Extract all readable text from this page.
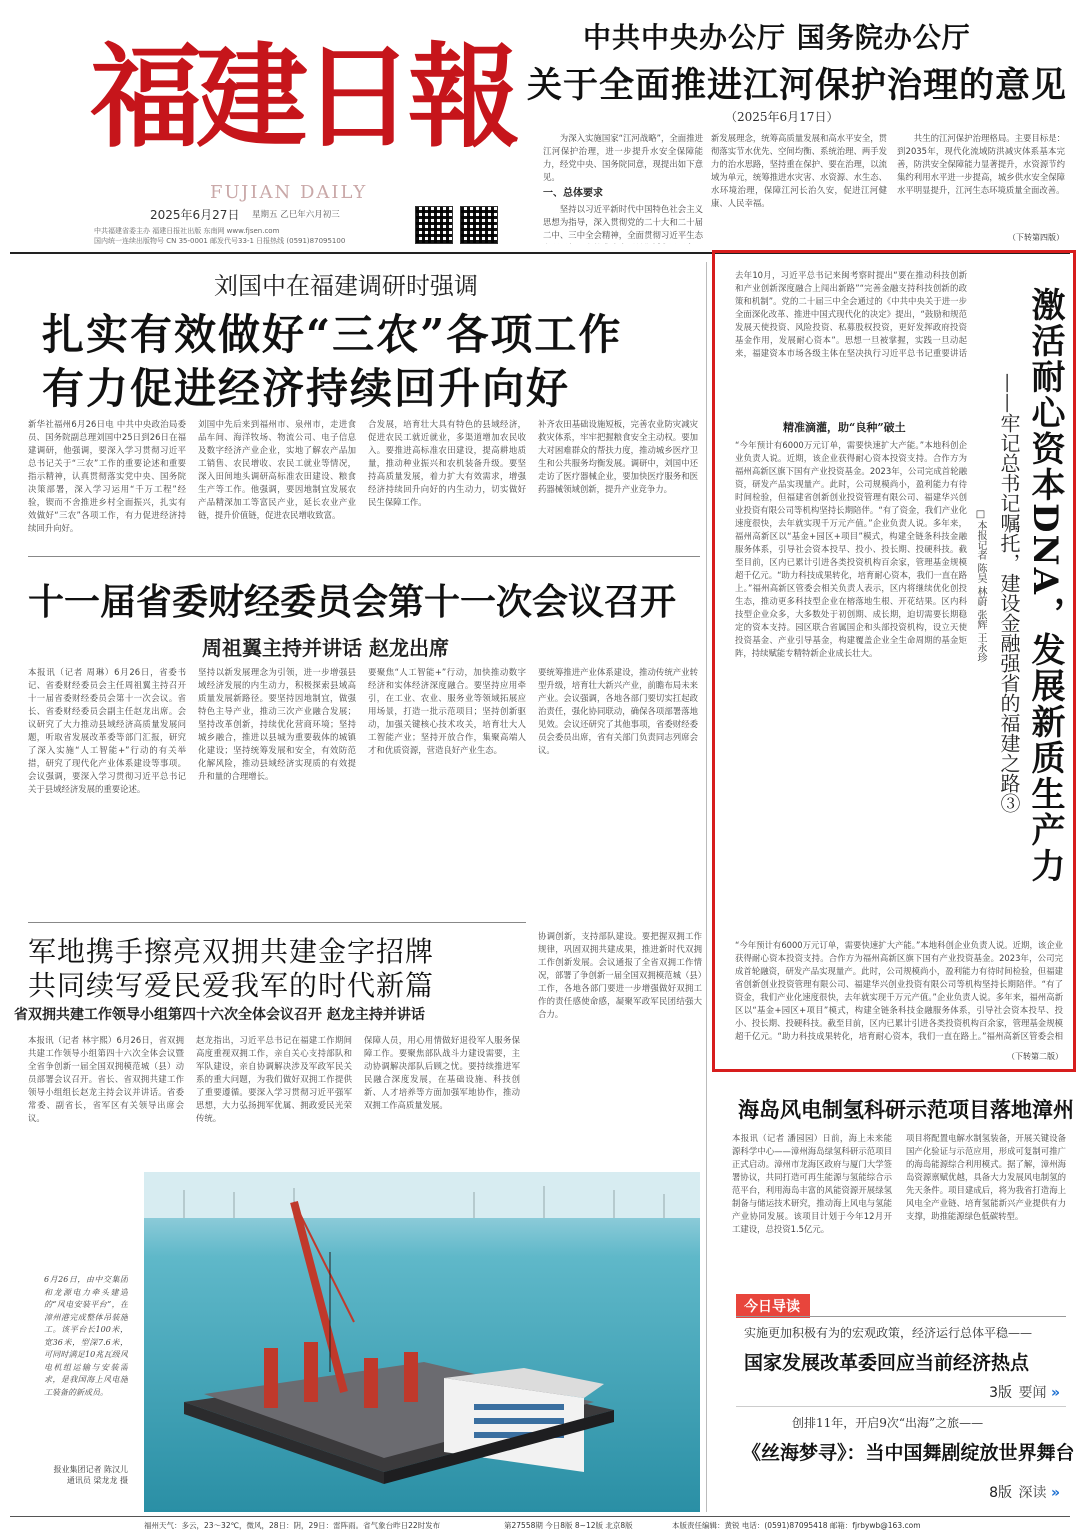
福建日報
FUJIAN DAILY
2025年6月27日 星期五 乙巳年六月初三
中共福建省委主办 福建日报社出版 东南网 www.fjsen.com
国内统一连续出版物号 CN 35-0001 邮发代号33-1 日报热线 (0591)87095100
中共中央办公厅 国务院办公厅
关于全面推进江河保护治理的意见
（2025年6月17日）

为深入实施国家“江河战略”，全面推进江河保护治理，进一步提升水安全保障能力，经党中央、国务院同意，现提出如下意见。

一、总体要求

坚持以习近平新时代中国特色社会主义思想为指导，深入贯彻党的二十大和二十届二中、三中全会精神，全面贯彻习近平生态

新发展理念，统筹高质量发展和高水平安全，贯彻落实节水优先、空间均衡、系统治理、两手发力的治水思路，坚持重在保护、要在治理，以流域为单元，统筹推进水灾害、水资源、水生态、水环境治理，保障江河长治久安，促进江河健康、人民幸福。

共生的江河保护治理格局。主要目标是：到2035年，现代化流域防洪减灾体系基本完善，防洪安全保障能力显著提升，水资源节约集约利用水平进一步提高，城乡供水安全保障水平明显提升，江河生态环境质量全面改善。

（下转第四版）
刘国中在福建调研时强调
扎实有效做好“三农”各项工作
有力促进经济持续回升向好
新华社福州6月26日电 中共中央政治局委员、国务院副总理刘国中25日到26日在福建调研，他强调，要深入学习贯彻习近平总书记关于“三农”工作的重要论述和重要指示精神，认真贯彻落实党中央、国务院决策部署，深入学习运用“千万工程”经验，锲而不舍推进乡村全面振兴，扎实有效做好“三农”各项工作，有力促进经济持续回升向好。
刘国中先后来到福州市、泉州市，走进食品车间、海洋牧场、物流公司、电子信息及数字经济产业企业，实地了解农产品加工销售、农民增收、农民工就业等情况，深入田间地头调研高标准农田建设、粮食生产等工作。他强调，要因地制宜发展农产品精深加工等富民产业，延长农业产业链，提升价值链，促进农民增收致富。
合发展，培育壮大具有特色的县域经济，促进农民工就近就业，多渠道增加农民收入。要推进高标准农田建设，提高耕地质量，推动种业振兴和农机装备升级。要坚持高质量发展，着力扩大有效需求，增强经济持续回升向好的内生动力，切实做好民生保障工作。
补齐农田基础设施短板，完善农业防灾减灾救灾体系，牢牢把握粮食安全主动权。要加大对困难群众的帮扶力度，推动城乡医疗卫生和公共服务均衡发展。调研中，刘国中还走访了医疗器械企业，要加快医疗服务和医药器械领域创新，提升产业竞争力。
十一届省委财经委员会第十一次会议召开
周祖翼主持并讲话 赵龙出席
本报讯（记者 周琳）6月26日，省委书记、省委财经委员会主任周祖翼主持召开十一届省委财经委员会第十一次会议。省长、省委财经委员会副主任赵龙出席。会议研究了大力推动县域经济高质量发展问题，听取省发展改革委等部门汇报，研究了深入实施“人工智能+”行动的有关举措，研究了现代化产业体系建设等事项。会议强调，要深入学习贯彻习近平总书记关于县域经济发展的重要论述。
坚持以新发展理念为引领，进一步增强县域经济发展的内生动力，积极探索县域高质量发展新路径。要坚持因地制宜，做强特色主导产业，推动三次产业融合发展；坚持改革创新，持续优化营商环境；坚持城乡融合，推进以县城为重要载体的城镇化建设；坚持统筹发展和安全，有效防范化解风险，推动县域经济实现质的有效提升和量的合理增长。
要聚焦“人工智能+”行动，加快推动数字经济和实体经济深度融合。要坚持应用牵引，在工业、农业、服务业等领域拓展应用场景，打造一批示范项目；坚持创新驱动，加强关键核心技术攻关，培育壮大人工智能产业；坚持开放合作，集聚高端人才和优质资源，营造良好产业生态。
要统筹推进产业体系建设，推动传统产业转型升级，培育壮大新兴产业，前瞻布局未来产业。会议强调，各地各部门要切实扛起政治责任，强化协同联动，确保各项部署落地见效。会议还研究了其他事项，省委财经委员会委员出席，省有关部门负责同志列席会议。
军地携手擦亮双拥共建金字招牌
共同续写爱民爱我军的时代新篇
省双拥共建工作领导小组第四十六次全体会议召开 赵龙主持并讲话
本报讯（记者 林宇熙）6月26日，省双拥共建工作领导小组第四十六次全体会议暨全省争创新一届全国双拥模范城（县）动员部署会议召开。省长、省双拥共建工作领导小组组长赵龙主持会议并讲话。省委常委、副省长，省军区有关领导出席会议。
赵龙指出，习近平总书记在福建工作期间高度重视双拥工作，亲自关心支持部队和军队建设，亲自协调解决涉及军政军民关系的重大问题，为我们做好双拥工作提供了重要遵循。要深入学习贯彻习近平强军思想，大力弘扬拥军优属、拥政爱民光荣传统。
保障人员，用心用情做好退役军人服务保障工作。要聚焦部队战斗力建设需要，主动协调解决部队后顾之忧。要持续推进军民融合深度发展，在基础设施、科技创新、人才培养等方面加强军地协作，推动双拥工作高质量发展。
协调创新，支持部队建设。要把握双拥工作规律，巩固双拥共建成果，推进新时代双拥工作创新发展。会议通报了全省双拥工作情况，部署了争创新一届全国双拥模范城（县）工作，各地各部门要进一步增强做好双拥工作的责任感使命感，凝聚军政军民团结强大合力。
6月26日，由中交集团和龙源电力牵头建造的“风电安装平台”，在漳州港完成整体吊装施工。该平台长100米，宽36米，型深7.6米，可同时满足10兆瓦级风电机组运输与安装需求，是我国海上风电施工装备的新成员。
报业集团记者 陈汉儿
通讯员 梁龙龙 摄
去年10月，习近平总书记来闽考察时提出“要在推动科技创新和产业创新深度融合上闯出新路”“完善金融支持科技创新的政策和机制”。党的二十届三中全会通过的《中共中央关于进一步全面深化改革、推进中国式现代化的决定》提出，“鼓励和规范发展天使投资、风险投资、私募股权投资，更好发挥政府投资基金作用，发展耐心资本”。思想一旦被掌握，实践一旦动起来，福建资本市场各级主体在坚决执行习近平总书记重要讲话
精准滴灌，助“良种”破土
“今年预计有6000万元订单，需要快速扩大产能。”本地科创企业负责人说。近期，该企业获得耐心资本投资支持。合作方为福州高新区旗下国有产业投资基金。2023年，公司完成首轮融资，研发产品实现量产。此时，公司规模尚小，盈利能力有待时间检验，但福建省创新创业投资管理有限公司、福建华兴创业投资有限公司等机构坚持长期陪伴。“有了资金，我们产业化速度很快，去年就实现千万元产值。”企业负责人说。多年来，福州高新区以“基金+园区+项目”模式，构建全链条科技金融服务体系，引导社会资本投早、投小、投长期、投硬科技。截至目前，区内已累计引进各类投资机构百余家，管理基金规模超千亿元。“助力科技成果转化，培育耐心资本，我们一直在路上。”福州高新区管委会相关负责人表示，区内将继续优化创投生态，推动更多科技型企业在榕落地生根、开花结果。区内科技型企业众多，大多数处于初创期、成长期，迫切需要长期稳定的资本支持。园区联合省属国企和头部投资机构，设立天使投资基金、产业引导基金，构建覆盖企业全生命周期的基金矩阵，持续赋能专精特新企业成长壮大。
“今年预计有6000万元订单，需要快速扩大产能。”本地科创企业负责人说。近期，该企业获得耐心资本投资支持。合作方为福州高新区旗下国有产业投资基金。2023年，公司完成首轮融资，研发产品实现量产。此时，公司规模尚小，盈利能力有待时间检验，但福建省创新创业投资管理有限公司、福建华兴创业投资有限公司等机构坚持长期陪伴。“有了资金，我们产业化速度很快，去年就实现千万元产值。”企业负责人说。多年来，福州高新区以“基金+园区+项目”模式，构建全链条科技金融服务体系，引导社会资本投早、投小、投长期、投硬科技。截至目前，区内已累计引进各类投资机构百余家，管理基金规模超千亿元。“助力科技成果转化，培育耐心资本，我们一直在路上。”福州高新区管委会相
（下转第二版）
激活耐心资本DNA，发展新质生产力
——牢记总书记嘱托，建设金融强省的福建之路③
□本报记者 陈昊 林蔚 张辉 王永珍
海岛风电制氢科研示范项目落地漳州
本报讯（记者 潘园园）日前，海上未来能源科学中心——漳州海岛绿氢科研示范项目正式启动。漳州市龙海区政府与厦门大学签署协议，共同打造可再生能源与氢能综合示范平台，利用海岛丰富的风能资源开展绿氢制备与储运技术研究，推动海上风电与氢能产业协同发展。该项目计划于今年12月开工建设，总投资1.5亿元。
项目将配置电解水制氢装备，开展关键设备国产化验证与示范应用，形成可复制可推广的海岛能源综合利用模式。据了解，漳州海岛资源禀赋优越，具备大力发展风电制氢的先天条件。项目建成后，将为我省打造海上风电全产业链、培育氢能新兴产业提供有力支撑，助推能源绿色低碳转型。
今日导读
实施更加积极有为的宏观政策，经济运行总体平稳——
国家发展改革委回应当前经济热点
3版 要闻 »
创排11年，开启9次“出海”之旅——
《丝海梦寻》：当中国舞剧绽放世界舞台
8版 深读 »
福州天气：多云，23～32℃，微风，28日：阴，29日：雷阵雨。省气象台昨日22时发布	第27558期 今日8版 8~12版 北京8版	本版责任编辑：黄锐 电话：(0591)87095418 邮箱：fjrbywb@163.com
